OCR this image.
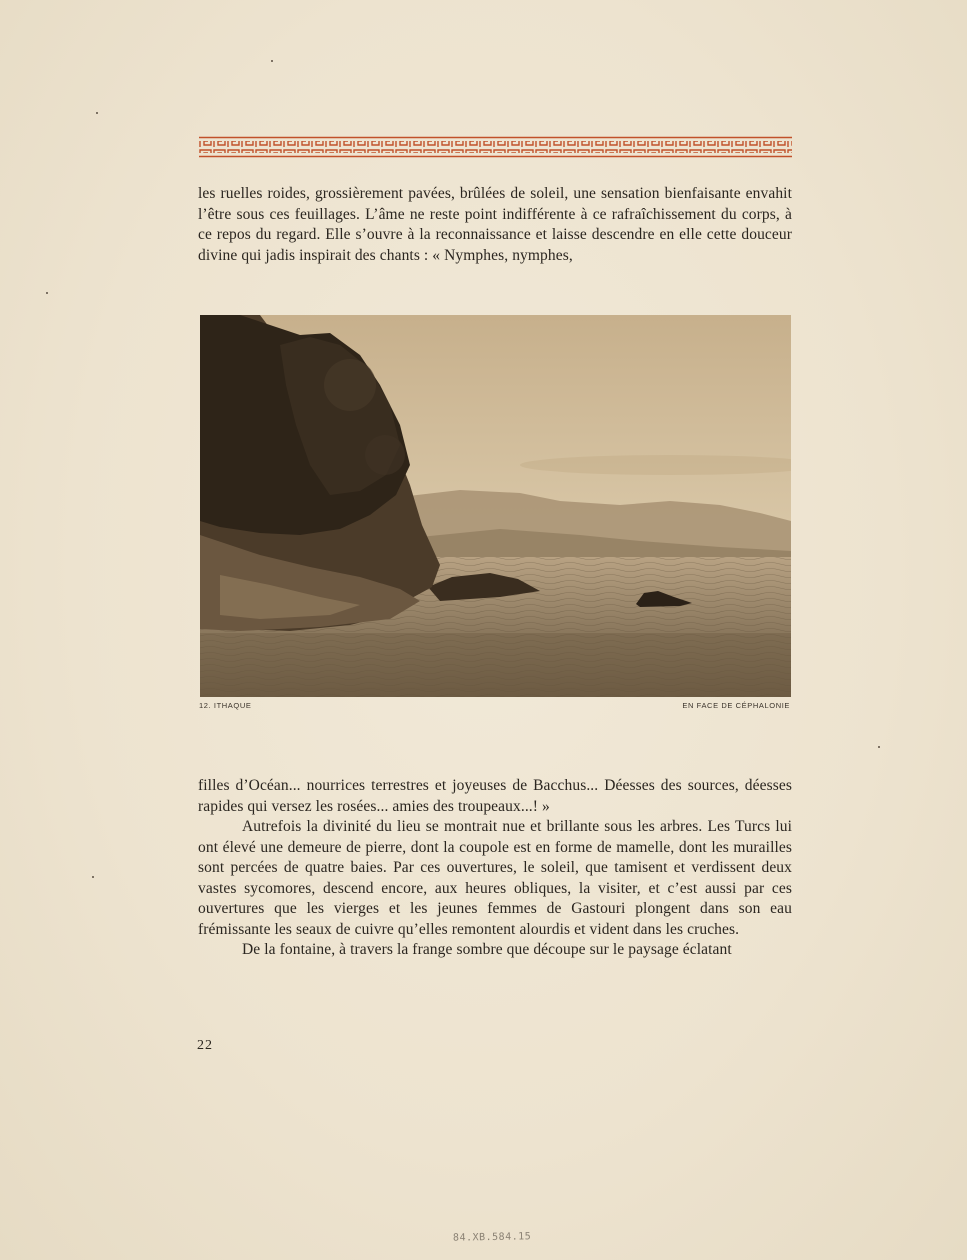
les ruelles roides, grossièrement pavées, brûlées de soleil, une sensation bienfaisante envahit l’être sous ces feuillages. L’âme ne reste point indifférente à ce rafraîchissement du corps, à ce repos du regard. Elle s’ouvre à la reconnaissance et laisse descendre en elle cette douceur divine qui jadis inspirait des chants : « Nymphes, nymphes,

12. ITHAQUE	EN FACE DE CÉPHALONIE

filles d’Océan... nourrices terrestres et joyeuses de Bacchus... Déesses des sources, déesses rapides qui versez les rosées... amies des troupeaux...! »

Autrefois la divinité du lieu se montrait nue et brillante sous les arbres. Les Turcs lui ont élevé une demeure de pierre, dont la coupole est en forme de mamelle, dont les murailles sont percées de quatre baies. Par ces ouvertures, le soleil, que tamisent et verdissent deux vastes sycomores, descend encore, aux heures obliques, la visiter, et c’est aussi par ces ouvertures que les vierges et les jeunes femmes de Gastouri plongent dans son eau frémissante les seaux de cuivre qu’elles remontent alourdis et vident dans les cruches.

De la fontaine, à travers la frange sombre que découpe sur le paysage éclatant

22
84.XB.584.15
